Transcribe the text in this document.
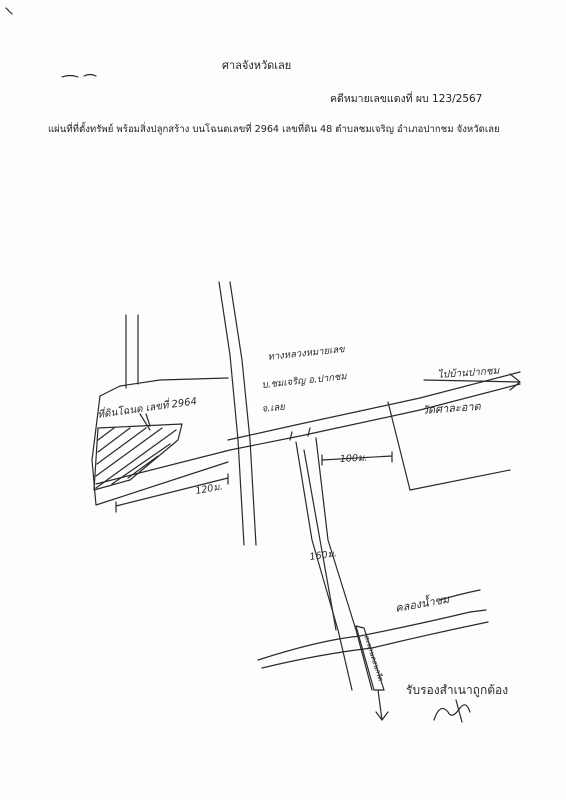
ศาลจังหวัดเลย
คดีหมายเลขแดงที่ ผบ 123/2567
แผ่นที่ที่ตั้งทรัพย์ พร้อมสิ่งปลูกสร้าง บนโฉนดเลขที่ 2964 เลขที่ดิน 48 ตำบลชมเจริญ อำเภอปากชม จังหวัดเลย
ที่ดินโฉนด เลขที่ 2964
ทางหลวงหมายเลข
บ.ชมเจริญ อ.ปากชม
จ.เลย
ไปบ้านปากชม
วัดศาละอาด
120ม.
100ม.
160ม.
คลองน้ำชม
สะพานคอนกรีต
รับรองสำเนาถูกต้อง
